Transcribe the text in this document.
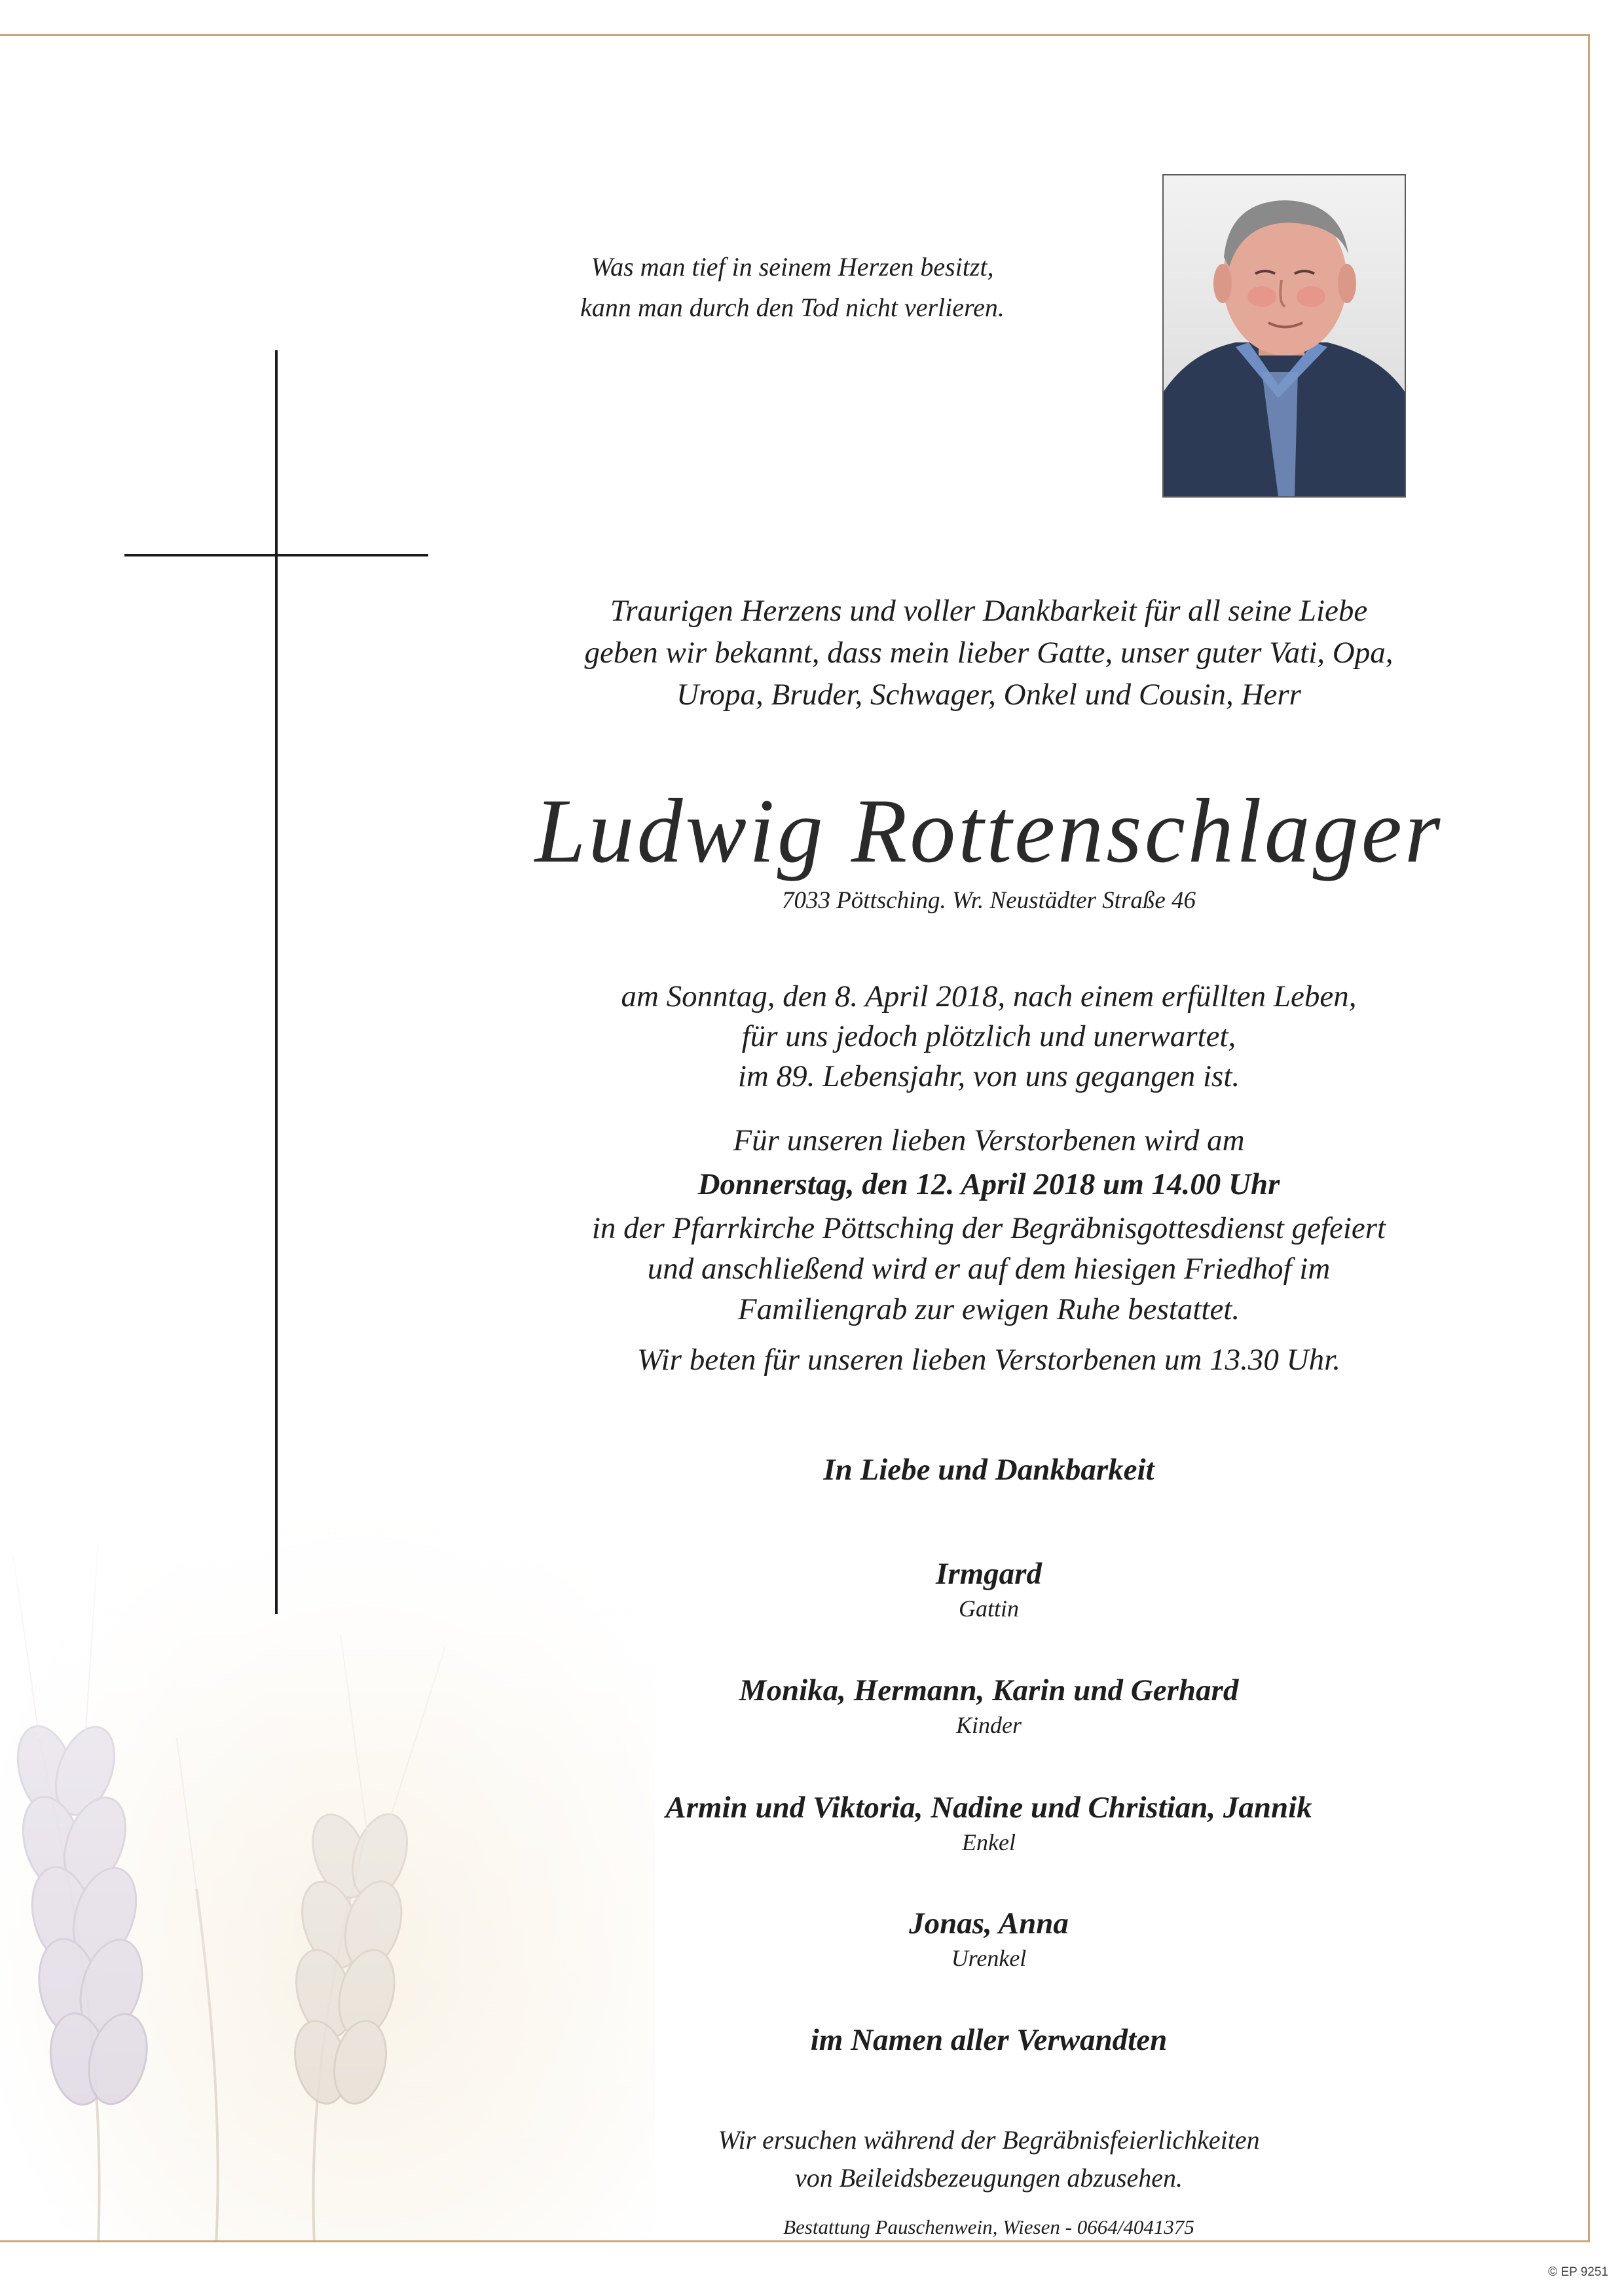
Was man tief in seinem Herzen besitzt,
kann man durch den Tod nicht verlieren.
Traurigen Herzens und voller Dankbarkeit für all seine Liebe
geben wir bekannt, dass mein lieber Gatte, unser guter Vati, Opa,
Uropa, Bruder, Schwager, Onkel und Cousin, Herr
Ludwig Rottenschlager
7033 Pöttsching. Wr. Neustädter Straße 46
am Sonntag, den 8. April 2018, nach einem erfüllten Leben,
für uns jedoch plötzlich und unerwartet,
im 89. Lebensjahr, von uns gegangen ist.
Für unseren lieben Verstorbenen wird am
Donnerstag, den 12. April 2018 um 14.00 Uhr
in der Pfarrkirche Pöttsching der Begräbnisgottesdienst gefeiert
und anschließend wird er auf dem hiesigen Friedhof im
Familiengrab zur ewigen Ruhe bestattet.
Wir beten für unseren lieben Verstorbenen um 13.30 Uhr.
In Liebe und Dankbarkeit
Irmgard
Gattin
Monika, Hermann, Karin und Gerhard
Kinder
Armin und Viktoria, Nadine und Christian, Jannik
Enkel
Jonas, Anna
Urenkel
im Namen aller Verwandten
Wir ersuchen während der Begräbnisfeierlichkeiten
von Beileidsbezeugungen abzusehen.
Bestattung Pauschenwein, Wiesen - 0664/4041375
© EP 9251
